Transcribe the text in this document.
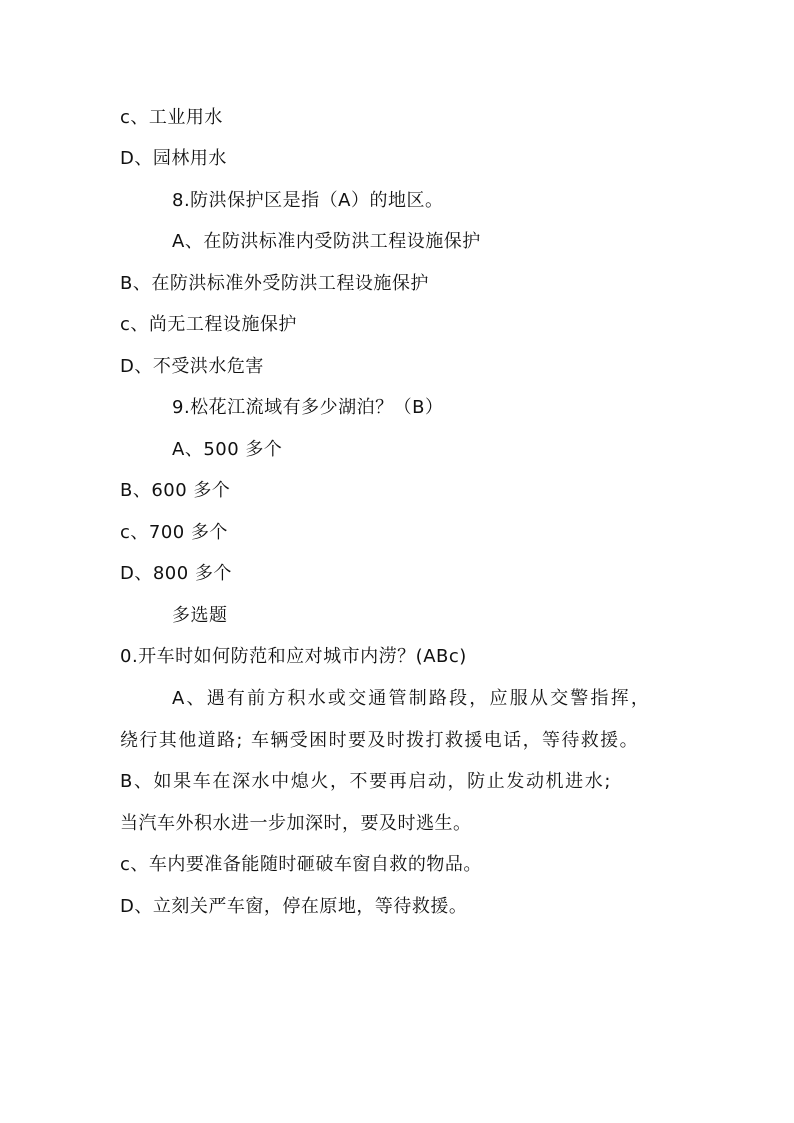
c、工业用水
D、园林用水
8.防洪保护区是指（A）的地区。
A、在防洪标准内受防洪工程设施保护
B、在防洪标准外受防洪工程设施保护
c、尚无工程设施保护
D、不受洪水危害
9.松花江流域有多少湖泊？（B）
A、500 多个
B、600 多个
c、700 多个
D、800 多个
多选题
0.开车时如何防范和应对城市内涝？(ABc)
A、遇有前方积水或交通管制路段，应服从交警指挥，
绕行其他道路; 车辆受困时要及时拨打救援电话，等待救援。
B、如果车在深水中熄火，不要再启动，防止发动机进水;
当汽车外积水进一步加深时，要及时逃生。
c、车内要准备能随时砸破车窗自救的物品。
D、立刻关严车窗，停在原地，等待救援。
